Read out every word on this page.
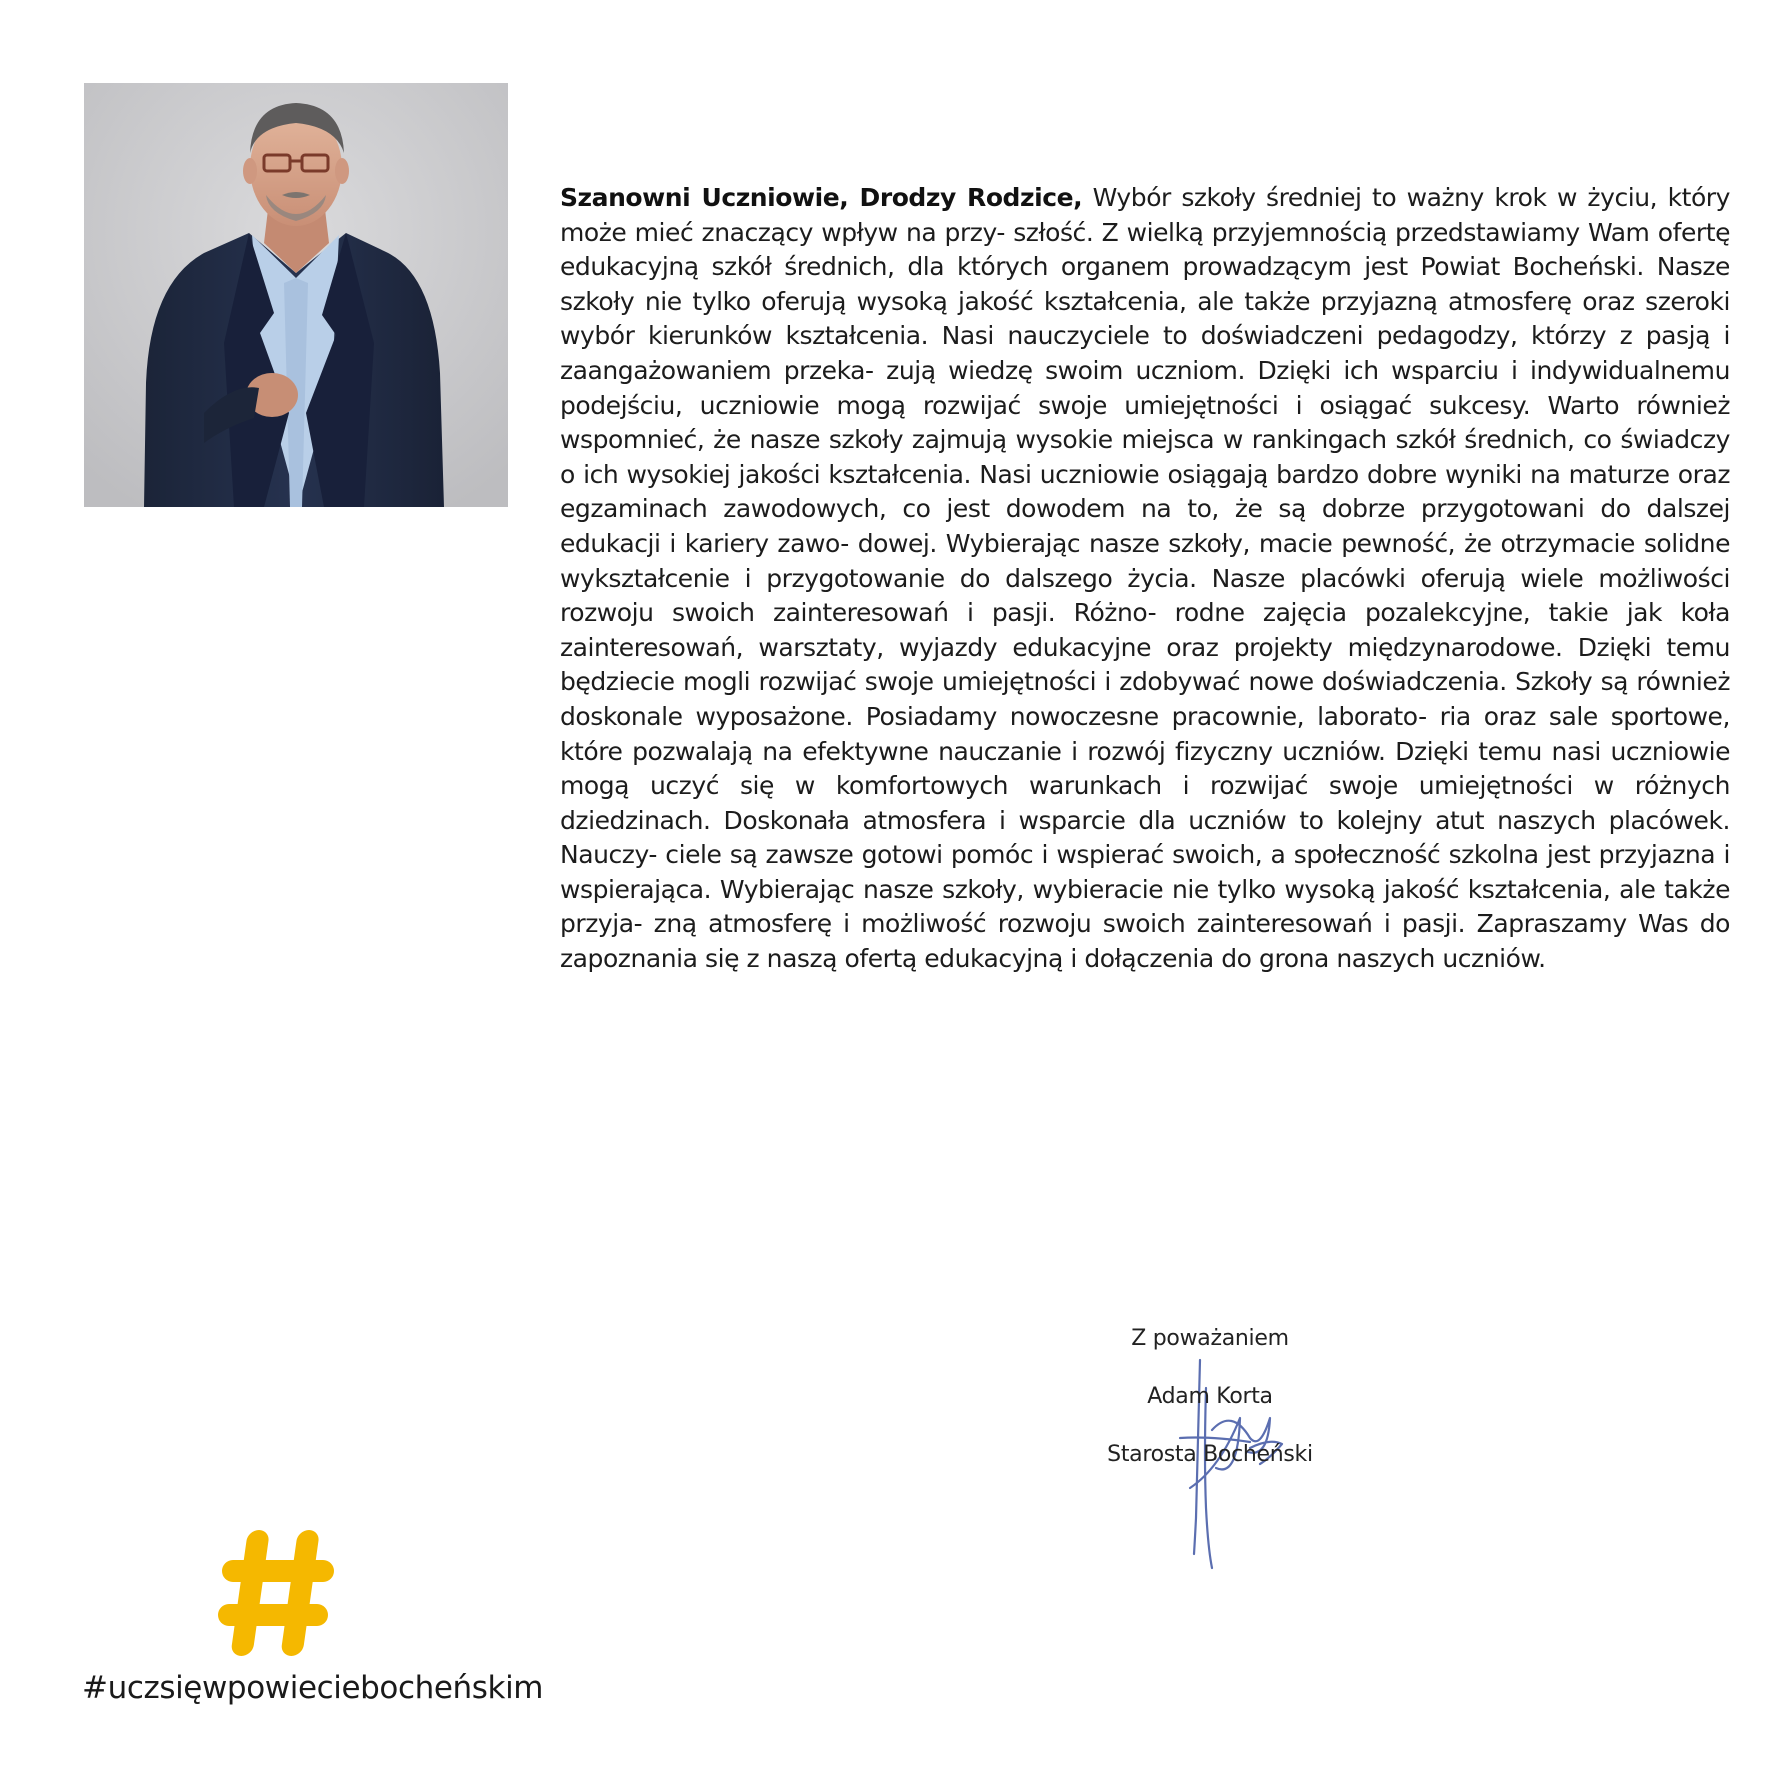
Szanowni Uczniowie, Drodzy Rodzice, Wybór szkoły średniej to ważny krok w życiu, który może mieć znaczący wpływ na przy- szłość. Z wielką przyjemnością przedstawiamy Wam ofertę edukacyjną szkół średnich, dla których organem prowadzącym jest Powiat Bocheński. Nasze szkoły nie tylko oferują wysoką jakość kształcenia, ale także przyjazną atmosferę oraz szeroki wybór kierunków kształcenia. Nasi nauczyciele to doświadczeni pedagodzy, którzy z pasją i zaangażowaniem przeka- zują wiedzę swoim uczniom. Dzięki ich wsparciu i indywidualnemu podejściu, uczniowie mogą rozwijać swoje umiejętności i osiągać sukcesy. Warto również wspomnieć, że nasze szkoły zajmują wysokie miejsca w rankingach szkół średnich, co świadczy o ich wysokiej jakości kształcenia. Nasi uczniowie osiągają bardzo dobre wyniki na maturze oraz egzaminach zawodowych, co jest dowodem na to, że są dobrze przygotowani do dalszej edukacji i kariery zawo- dowej. Wybierając nasze szkoły, macie pewność, że otrzymacie solidne wykształcenie i przygotowanie do dalszego życia. Nasze placówki oferują wiele możliwości rozwoju swoich zainteresowań i pasji. Różno- rodne zajęcia pozalekcyjne, takie jak koła zainteresowań, warsztaty, wyjazdy edukacyjne oraz projekty międzynarodowe. Dzięki temu będziecie mogli rozwijać swoje umiejętności i zdobywać nowe doświadczenia. Szkoły są również doskonale wyposażone. Posiadamy nowoczesne pracownie, laborato- ria oraz sale sportowe, które pozwalają na efektywne nauczanie i rozwój fizyczny uczniów. Dzięki temu nasi uczniowie mogą uczyć się w komfortowych warunkach i rozwijać swoje umiejętności w różnych dziedzinach. Doskonała atmosfera i wsparcie dla uczniów to kolejny atut naszych placówek. Nauczy- ciele są zawsze gotowi pomóc i wspierać swoich, a społeczność szkolna jest przyjazna i wspierająca. Wybierając nasze szkoły, wybieracie nie tylko wysoką jakość kształcenia, ale także przyja- zną atmosferę i możliwość rozwoju swoich zainteresowań i pasji. Zapraszamy Was do zapoznania się z naszą ofertą edukacyjną i dołączenia do grona naszych uczniów.
Z poważaniem
Adam Korta
Starosta Bocheński
#uczsięwpowieciebocheńskim
